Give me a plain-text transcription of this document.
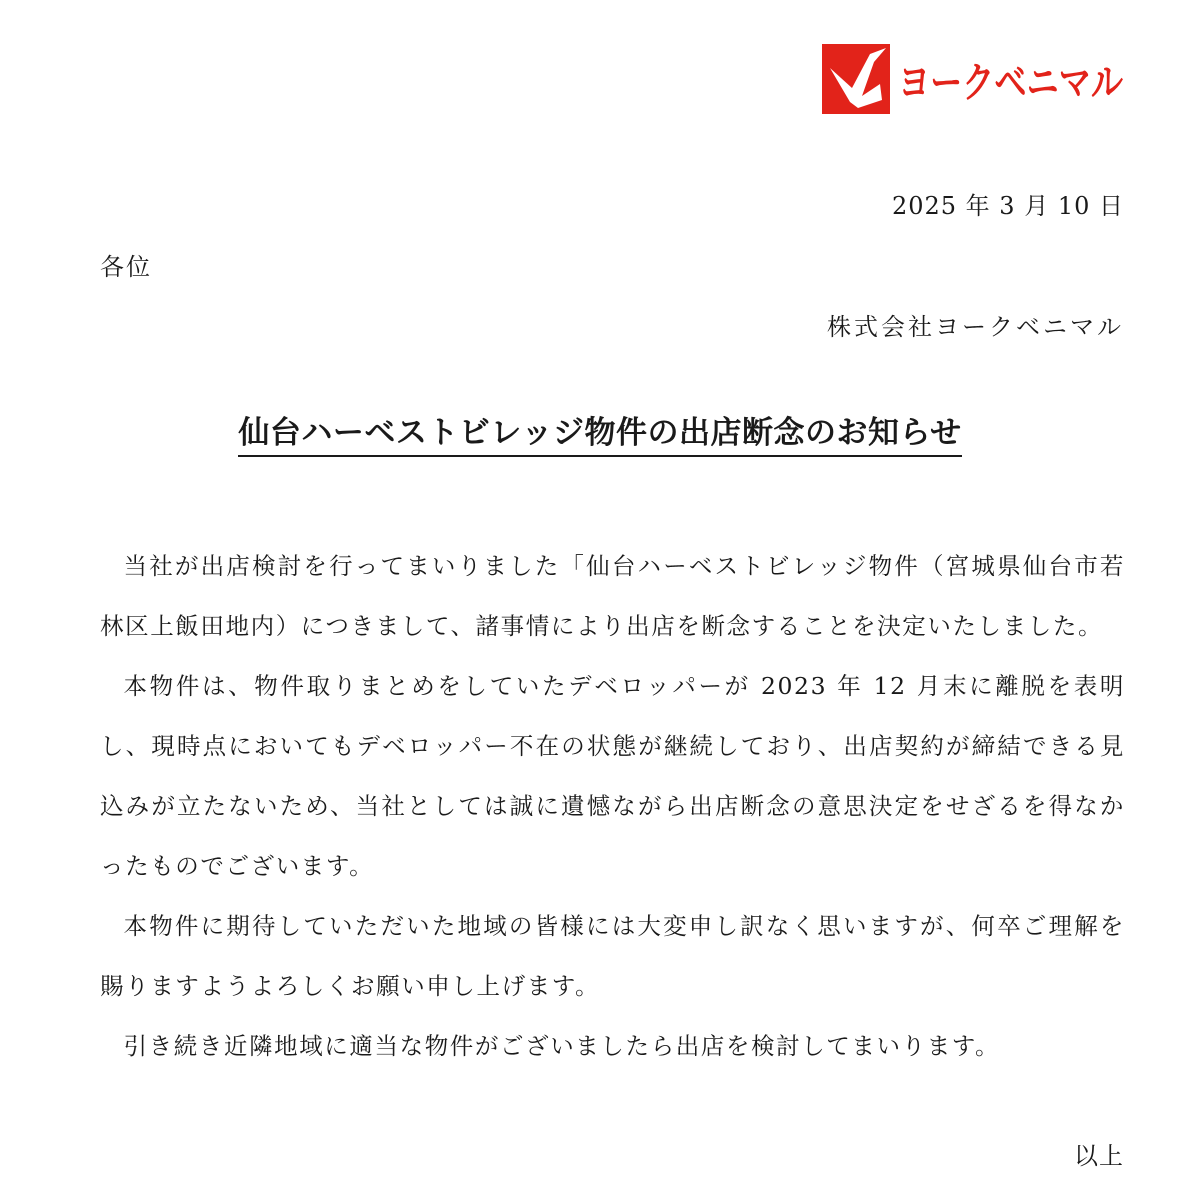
ヨークベニマル
2025 年 3 月 10 日
各位
株式会社ヨークベニマル
仙台ハーベストビレッジ物件の出店断念のお知らせ

当社が出店検討を行ってまいりました「仙台ハーベストビレッジ物件（宮城県仙台市若林区上飯田地内）につきまして、諸事情により出店を断念することを決定いたしました。

本物件は、物件取りまとめをしていたデベロッパーが 2023 年 12 月末に離脱を表明し、現時点においてもデベロッパー不在の状態が継続しており、出店契約が締結できる見込みが立たないため、当社としては誠に遺憾ながら出店断念の意思決定をせざるを得なかったものでございます。

本物件に期待していただいた地域の皆様には大変申し訳なく思いますが、何卒ご理解を賜りますようよろしくお願い申し上げます。

引き続き近隣地域に適当な物件がございましたら出店を検討してまいります。

以上
